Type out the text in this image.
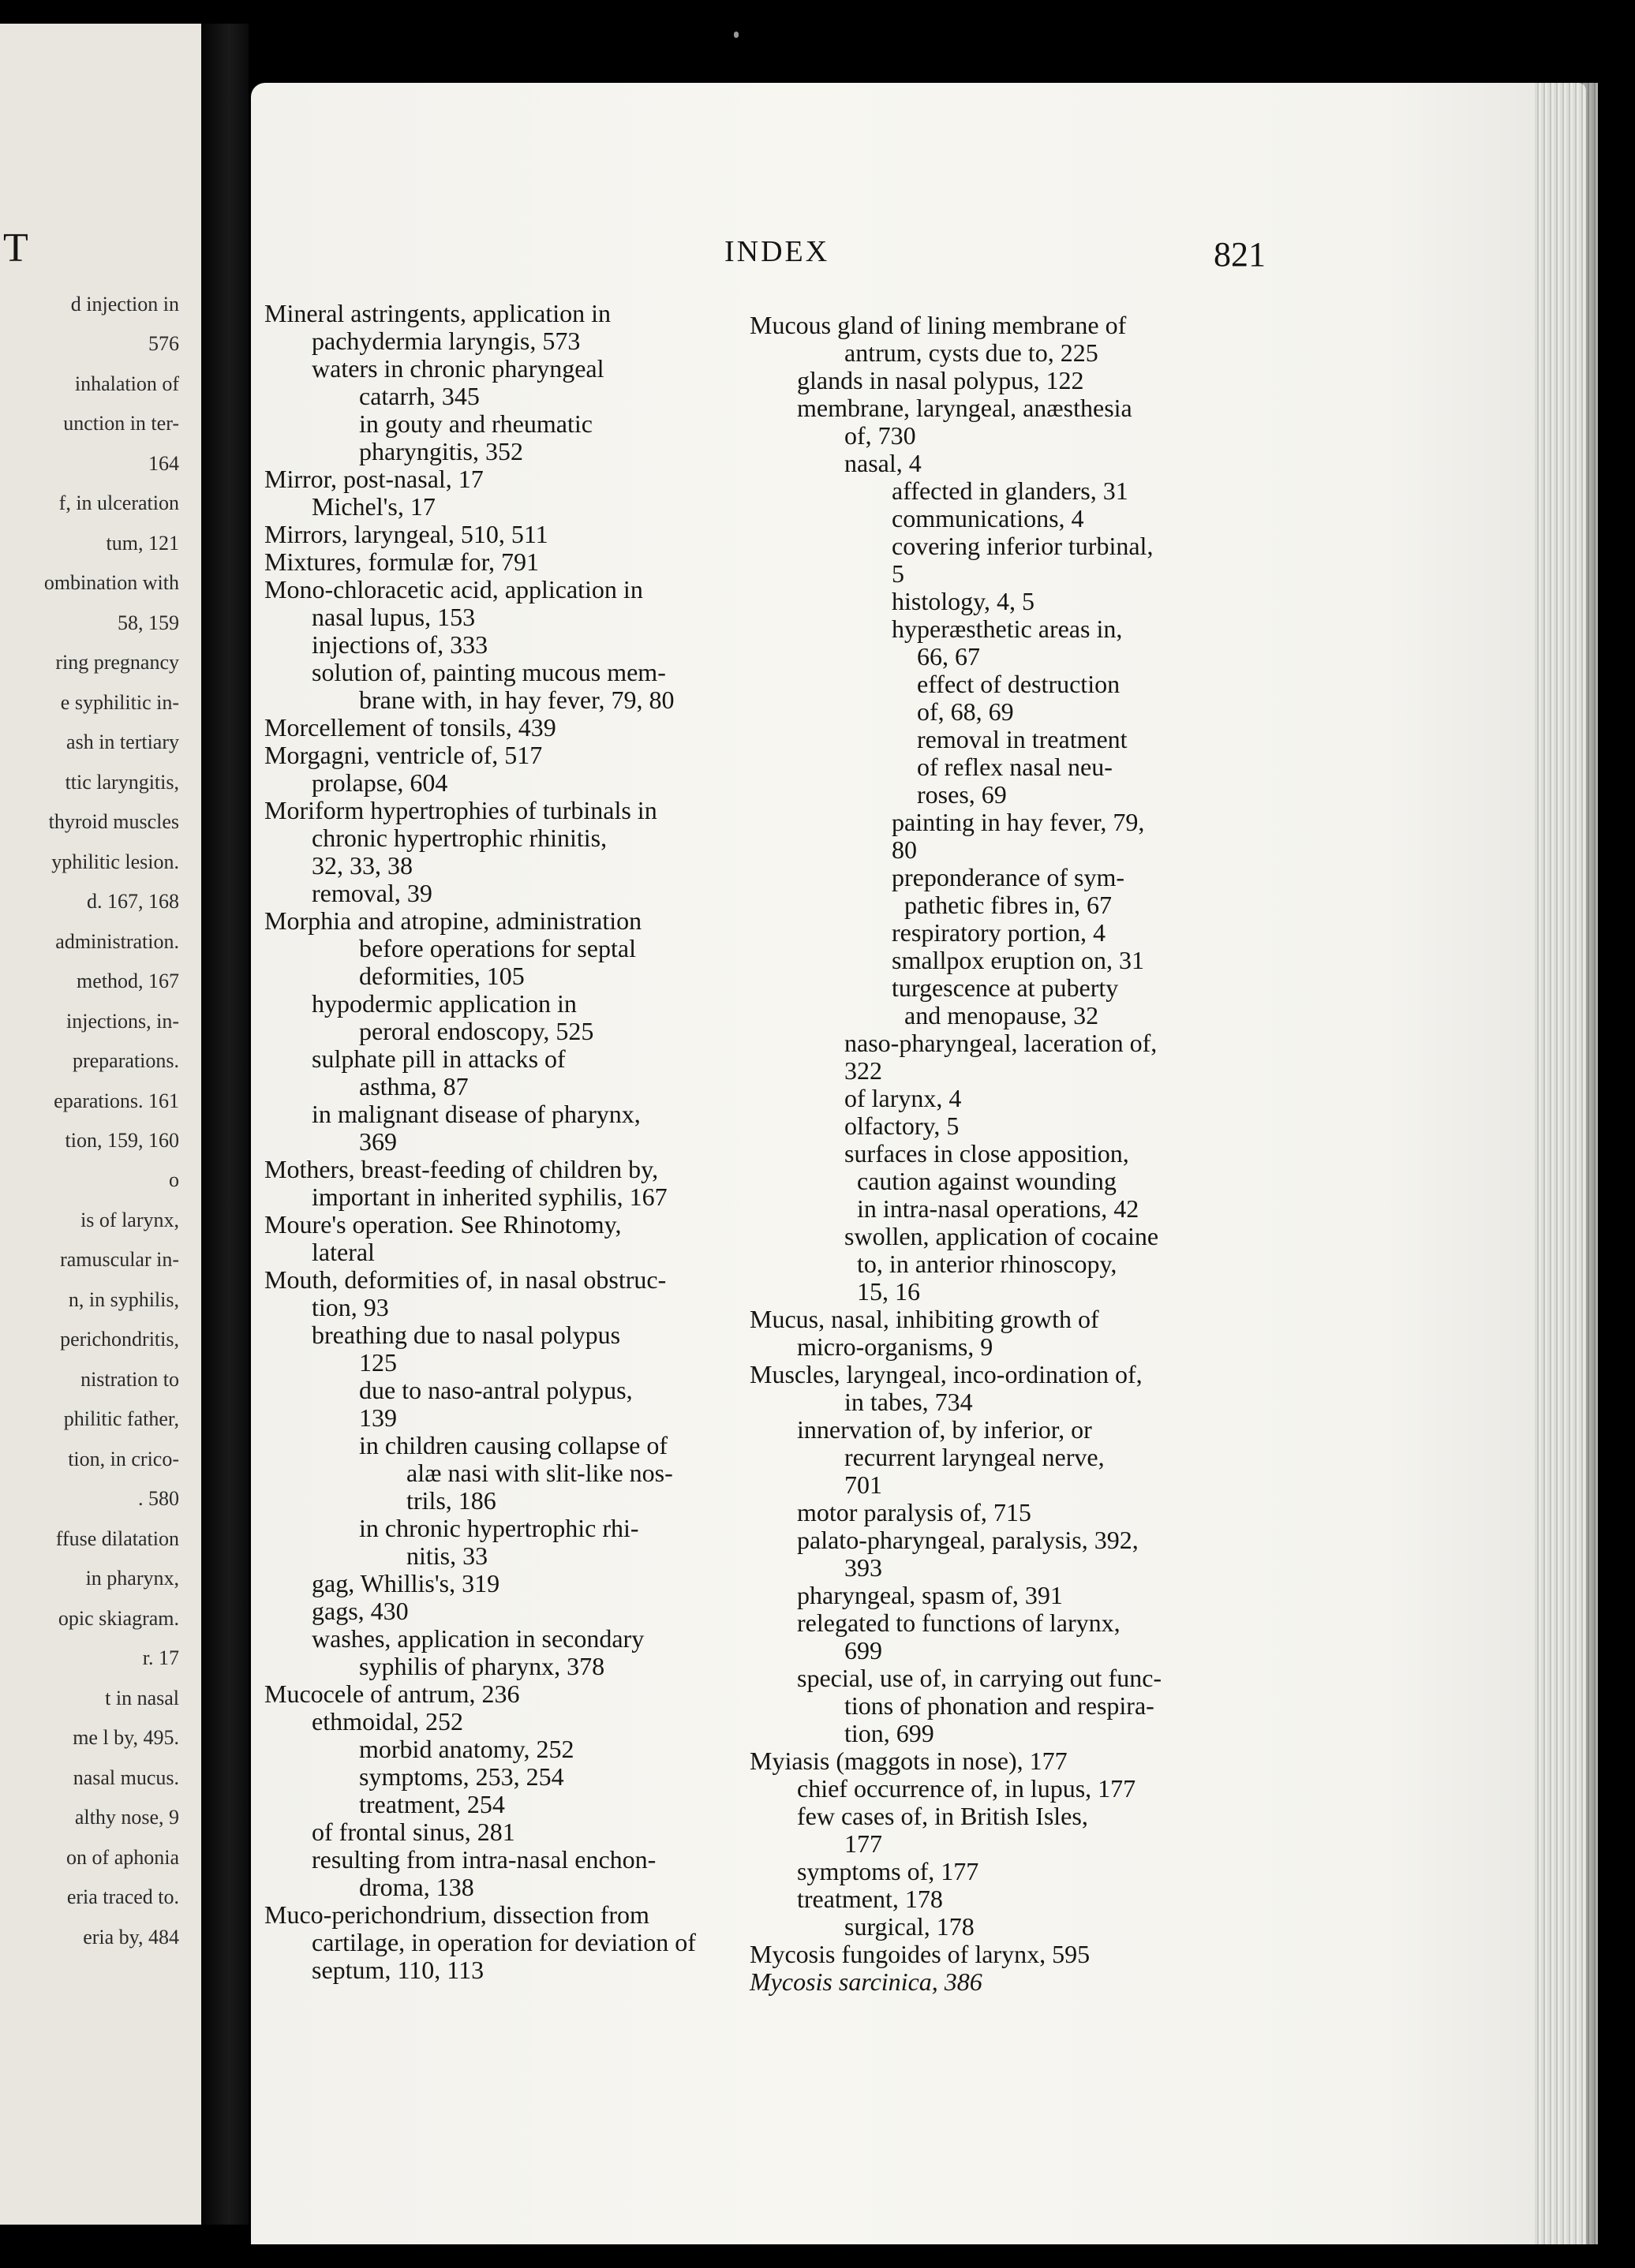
T
d injection in
576
inhalation of
unction in ter-
164
f, in ulceration
tum, 121
ombination with
58, 159
ring pregnancy
e syphilitic in-
ash in tertiary
ttic laryngitis,
thyroid muscles
yphilitic lesion.
d. 167, 168
administration.
method, 167
injections, in-
preparations.
eparations. 161
tion, 159, 160
o
is of larynx,
ramuscular in-
n, in syphilis,
perichondritis,
nistration to
philitic father,
tion, in crico-
. 580
ffuse dilatation
in pharynx,
opic skiagram.
r. 17
t in nasal
me l by, 495.
nasal mucus.
althy nose, 9
on of aphonia
eria traced to.
eria by, 484
INDEX	821
Mineral astringents, application in
pachydermia laryngis, 573
waters in chronic pharyngeal
catarrh, 345
in gouty and rheumatic
pharyngitis, 352
Mirror, post-nasal, 17
Michel's, 17
Mirrors, laryngeal, 510, 511
Mixtures, formulæ for, 791
Mono-chloracetic acid, application in
nasal lupus, 153
injections of, 333
solution of, painting mucous mem-
brane with, in hay fever, 79, 80
Morcellement of tonsils, 439
Morgagni, ventricle of, 517
prolapse, 604
Moriform hypertrophies of turbinals in
chronic hypertrophic rhinitis,
32, 33, 38
removal, 39
Morphia and atropine, administration
before operations for septal
deformities, 105
hypodermic application in
peroral endoscopy, 525
sulphate pill in attacks of
asthma, 87
in malignant disease of pharynx,
369
Mothers, breast-feeding of children by,
important in inherited syphilis, 167
Moure's operation. See Rhinotomy,
lateral
Mouth, deformities of, in nasal obstruc-
tion, 93
breathing due to nasal polypus
125
due to naso-antral polypus,
139
in children causing collapse of
alæ nasi with slit-like nos-
trils, 186
in chronic hypertrophic rhi-
nitis, 33
gag, Whillis's, 319
gags, 430
washes, application in secondary
syphilis of pharynx, 378
Mucocele of antrum, 236
ethmoidal, 252
morbid anatomy, 252
symptoms, 253, 254
treatment, 254
of frontal sinus, 281
resulting from intra-nasal enchon-
droma, 138
Muco-perichondrium, dissection from
cartilage, in operation for deviation of
septum, 110, 113
Mucous gland of lining membrane of
antrum, cysts due to, 225
glands in nasal polypus, 122
membrane, laryngeal, anæsthesia
of, 730
nasal, 4
affected in glanders, 31
communications, 4
covering inferior turbinal,
5
histology, 4, 5
hyperæsthetic areas in,
66, 67
effect of destruction
of, 68, 69
removal in treatment
of reflex nasal neu-
roses, 69
painting in hay fever, 79,
80
preponderance of sym-
pathetic fibres in, 67
respiratory portion, 4
smallpox eruption on, 31
turgescence at puberty
and menopause, 32
naso-pharyngeal, laceration of,
322
of larynx, 4
olfactory, 5
surfaces in close apposition,
caution against wounding
in intra-nasal operations, 42
swollen, application of cocaine
to, in anterior rhinoscopy,
15, 16
Mucus, nasal, inhibiting growth of
micro-organisms, 9
Muscles, laryngeal, inco-ordination of,
in tabes, 734
innervation of, by inferior, or
recurrent laryngeal nerve,
701
motor paralysis of, 715
palato-pharyngeal, paralysis, 392,
393
pharyngeal, spasm of, 391
relegated to functions of larynx,
699
special, use of, in carrying out func-
tions of phonation and respira-
tion, 699
Myiasis (maggots in nose), 177
chief occurrence of, in lupus, 177
few cases of, in British Isles,
177
symptoms of, 177
treatment, 178
surgical, 178
Mycosis fungoides of larynx, 595
Mycosis sarcinica, 386
